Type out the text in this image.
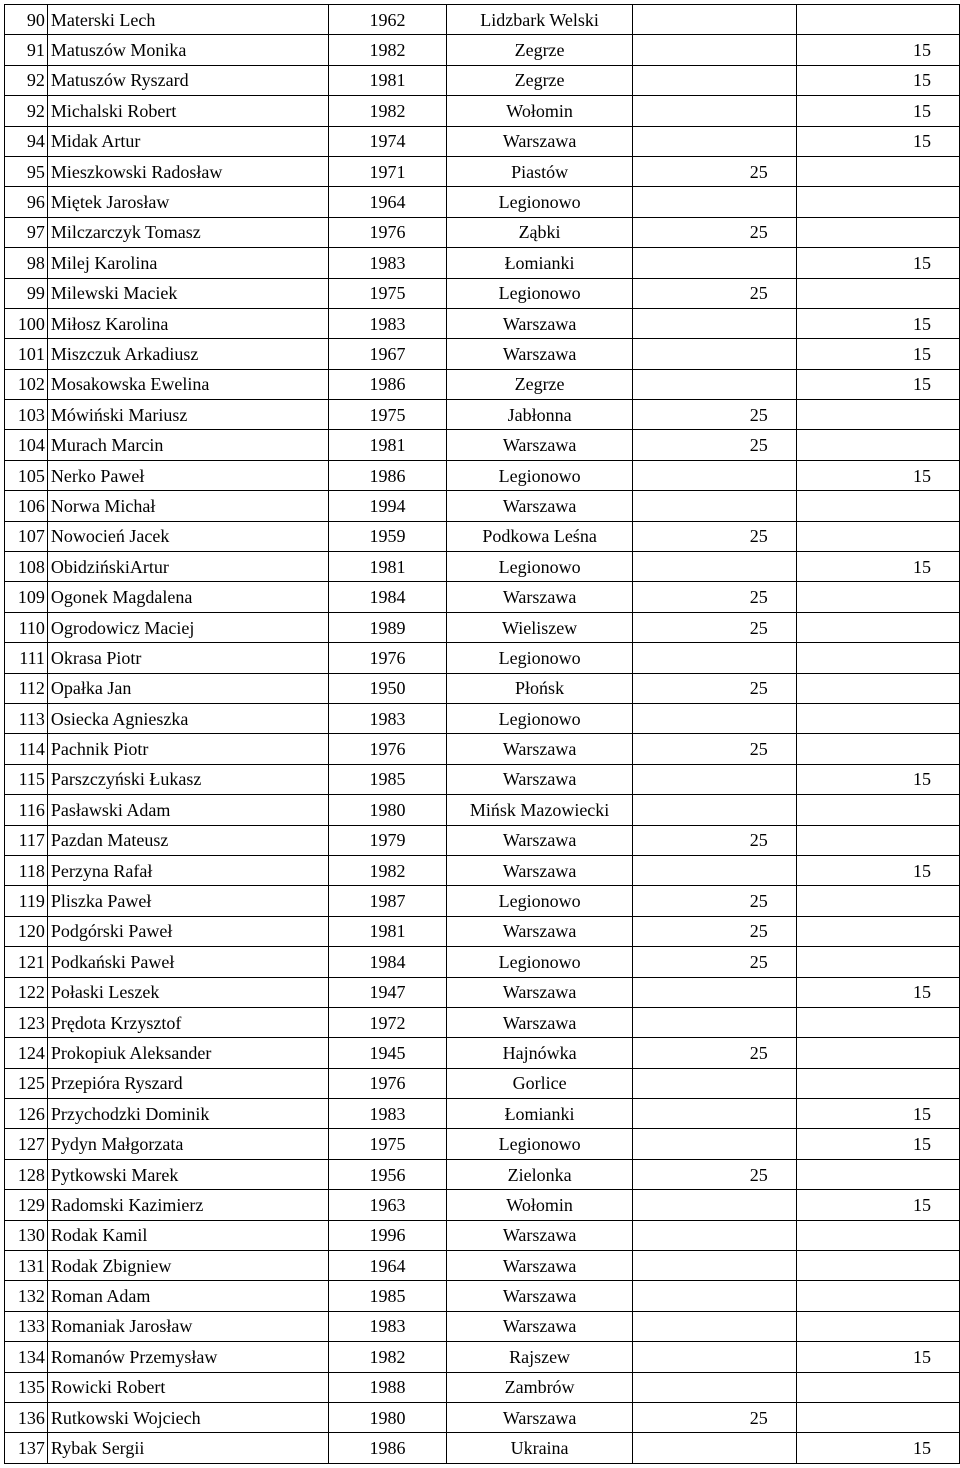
90	Materski Lech	1962	Lidzbark Welski		
91	Matuszów Monika	1982	Zegrze		15
92	Matuszów Ryszard	1981	Zegrze		15
92	Michalski Robert	1982	Wołomin		15
94	Midak Artur	1974	Warszawa		15
95	Mieszkowski Radosław	1971	Piastów	25	
96	Miętek Jarosław	1964	Legionowo		
97	Milczarczyk Tomasz	1976	Ząbki	25	
98	Milej Karolina	1983	Łomianki		15
99	Milewski Maciek	1975	Legionowo	25	
100	Miłosz Karolina	1983	Warszawa		15
101	Miszczuk Arkadiusz	1967	Warszawa		15
102	Mosakowska Ewelina	1986	Zegrze		15
103	Mówiński Mariusz	1975	Jabłonna	25	
104	Murach Marcin	1981	Warszawa	25	
105	Nerko Paweł	1986	Legionowo		15
106	Norwa Michał	1994	Warszawa		
107	Nowocień Jacek	1959	Podkowa Leśna	25	
108	ObidzińskiArtur	1981	Legionowo		15
109	Ogonek Magdalena	1984	Warszawa	25	
110	Ogrodowicz Maciej	1989	Wieliszew	25	
111	Okrasa Piotr	1976	Legionowo		
112	Opałka Jan	1950	Płońsk	25	
113	Osiecka Agnieszka	1983	Legionowo		
114	Pachnik Piotr	1976	Warszawa	25	
115	Parszczyński Łukasz	1985	Warszawa		15
116	Pasławski Adam	1980	Mińsk Mazowiecki		
117	Pazdan Mateusz	1979	Warszawa	25	
118	Perzyna Rafał	1982	Warszawa		15
119	Pliszka Paweł	1987	Legionowo	25	
120	Podgórski Paweł	1981	Warszawa	25	
121	Podkański Paweł	1984	Legionowo	25	
122	Połaski Leszek	1947	Warszawa		15
123	Prędota Krzysztof	1972	Warszawa		
124	Prokopiuk Aleksander	1945	Hajnówka	25	
125	Przepióra Ryszard	1976	Gorlice		
126	Przychodzki Dominik	1983	Łomianki		15
127	Pydyn Małgorzata	1975	Legionowo		15
128	Pytkowski Marek	1956	Zielonka	25	
129	Radomski Kazimierz	1963	Wołomin		15
130	Rodak Kamil	1996	Warszawa		
131	Rodak Zbigniew	1964	Warszawa		
132	Roman Adam	1985	Warszawa		
133	Romaniak Jarosław	1983	Warszawa		
134	Romanów Przemysław	1982	Rajszew		15
135	Rowicki Robert	1988	Zambrów		
136	Rutkowski Wojciech	1980	Warszawa	25	
137	Rybak Sergii	1986	Ukraina		15
